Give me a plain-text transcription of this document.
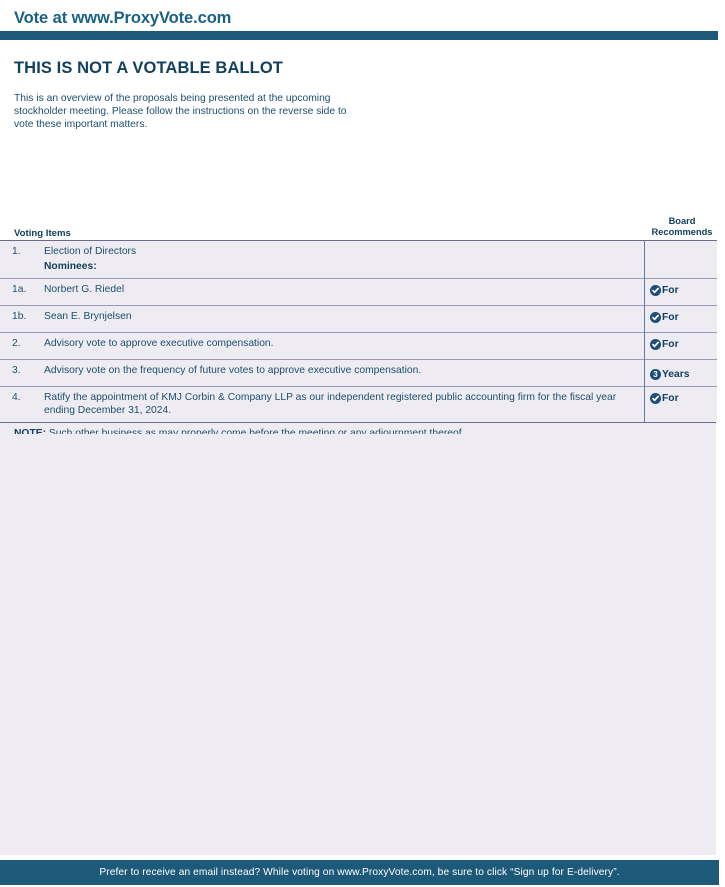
Vote at www.ProxyVote.com
THIS IS NOT A VOTABLE BALLOT

This is an overview of the proposals being presented at the upcoming stockholder meeting. Please follow the instructions on the reverse side to vote these important matters.

Voting Items
Board
Recommends
1.	Election of Directors
Nominees:	

1a.	Norbert G. Riedel	For

1b.	Sean E. Brynjelsen	For

2.	Advisory vote to approve executive compensation.	For

3.	Advisory vote on the frequency of future votes to approve executive compensation.	3 Years

4.	Ratify the appointment of KMJ Corbin & Company LLP as our independent registered public accounting firm for the fiscal year ending December 31, 2024.	For
Prefer to receive an email instead? While voting on www.ProxyVote.com, be sure to click “Sign up for E-delivery”.
